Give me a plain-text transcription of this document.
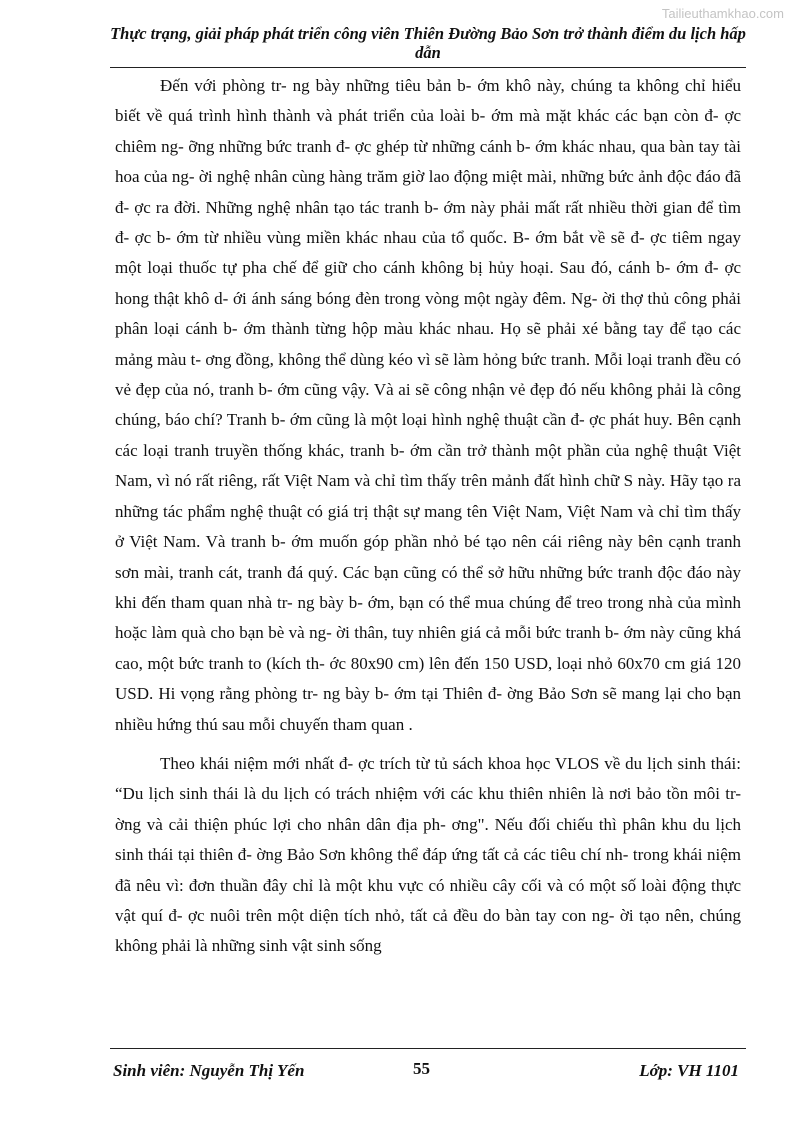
Tailieuthamkhao.com
Thực trạng, giải pháp phát triển công viên Thiên Đường Bảo Sơn trở thành điểm du lịch hấp dẫn

Đến với phòng tr- ng bày những tiêu bản b- ớm khô này, chúng ta không chỉ hiểu biết về quá trình hình thành và phát triển của loài b- ớm mà mặt khác các bạn còn đ- ợc chiêm ng- ỡng những bức tranh đ- ợc ghép từ những cánh b- ớm khác nhau, qua bàn tay tài hoa của ng- ời nghệ nhân cùng hàng trăm giờ lao động miệt mài, những bức ảnh độc đáo đã đ- ợc ra đời. Những nghệ nhân tạo tác tranh b- ớm này phải mất rất nhiều thời gian để tìm đ- ợc b- ớm từ nhiều vùng miền khác nhau của tổ quốc. B- ớm bắt về sẽ đ- ợc tiêm ngay một loại thuốc tự pha chế để giữ cho cánh không bị hủy hoại. Sau đó, cánh b- ớm đ- ợc hong thật khô d- ới ánh sáng bóng đèn trong vòng một ngày đêm. Ng- ời thợ thủ công phải phân loại cánh b- ớm thành từng hộp màu khác nhau. Họ sẽ phải xé bằng tay để tạo các mảng màu t- ơng đồng, không thể dùng kéo vì sẽ làm hỏng bức tranh. Mỗi loại tranh đều có vẻ đẹp của nó, tranh b- ớm cũng vậy. Và ai sẽ công nhận vẻ đẹp đó nếu không phải là công chúng, báo chí? Tranh b- ớm cũng là một loại hình nghệ thuật cần đ- ợc phát huy. Bên cạnh các loại tranh truyền thống khác, tranh b- ớm cần trở thành một phần của nghệ thuật Việt Nam, vì nó rất riêng, rất Việt Nam và chỉ tìm thấy trên mảnh đất hình chữ S này. Hãy tạo ra những tác phẩm nghệ thuật có giá trị thật sự mang tên Việt Nam, Việt Nam và chỉ tìm thấy ở Việt Nam. Và tranh b- ớm muốn góp phần nhỏ bé tạo nên cái riêng này bên cạnh tranh sơn mài, tranh cát, tranh đá quý. Các bạn cũng có thể sở hữu những bức tranh độc đáo này khi đến tham quan nhà tr- ng bày b- ớm, bạn có thể mua chúng để treo trong nhà của mình hoặc làm quà cho bạn bè và ng- ời thân, tuy nhiên giá cả mỗi bức tranh b- ớm này cũng khá cao, một bức tranh to (kích th- ớc 80x90 cm) lên đến 150 USD, loại nhỏ 60x70 cm giá 120 USD. Hi vọng rằng phòng tr- ng bày b- ớm tại Thiên đ- ờng Bảo Sơn sẽ mang lại cho bạn nhiều hứng thú sau mỗi chuyến tham quan .

Theo khái niệm mới nhất đ- ợc trích từ tủ sách khoa học VLOS về du lịch sinh thái: “Du lịch sinh thái là du lịch có trách nhiệm với các khu thiên nhiên là nơi bảo tồn môi tr- ờng và cải thiện phúc lợi cho nhân dân địa ph- ơng". Nếu đối chiếu thì phân khu du lịch sinh thái tại thiên đ- ờng Bảo Sơn không thể đáp ứng tất cả các tiêu chí nh- trong khái niệm đã nêu vì: đơn thuần đây chỉ là một khu vực có nhiều cây cối và có một số loài động thực vật quí đ- ợc nuôi trên một diện tích nhỏ, tất cả đều do bàn tay con ng- ời tạo nên, chúng không phải là những sinh vật sinh sống

Sinh viên: Nguyễn Thị Yến	55	Lớp: VH 1101
